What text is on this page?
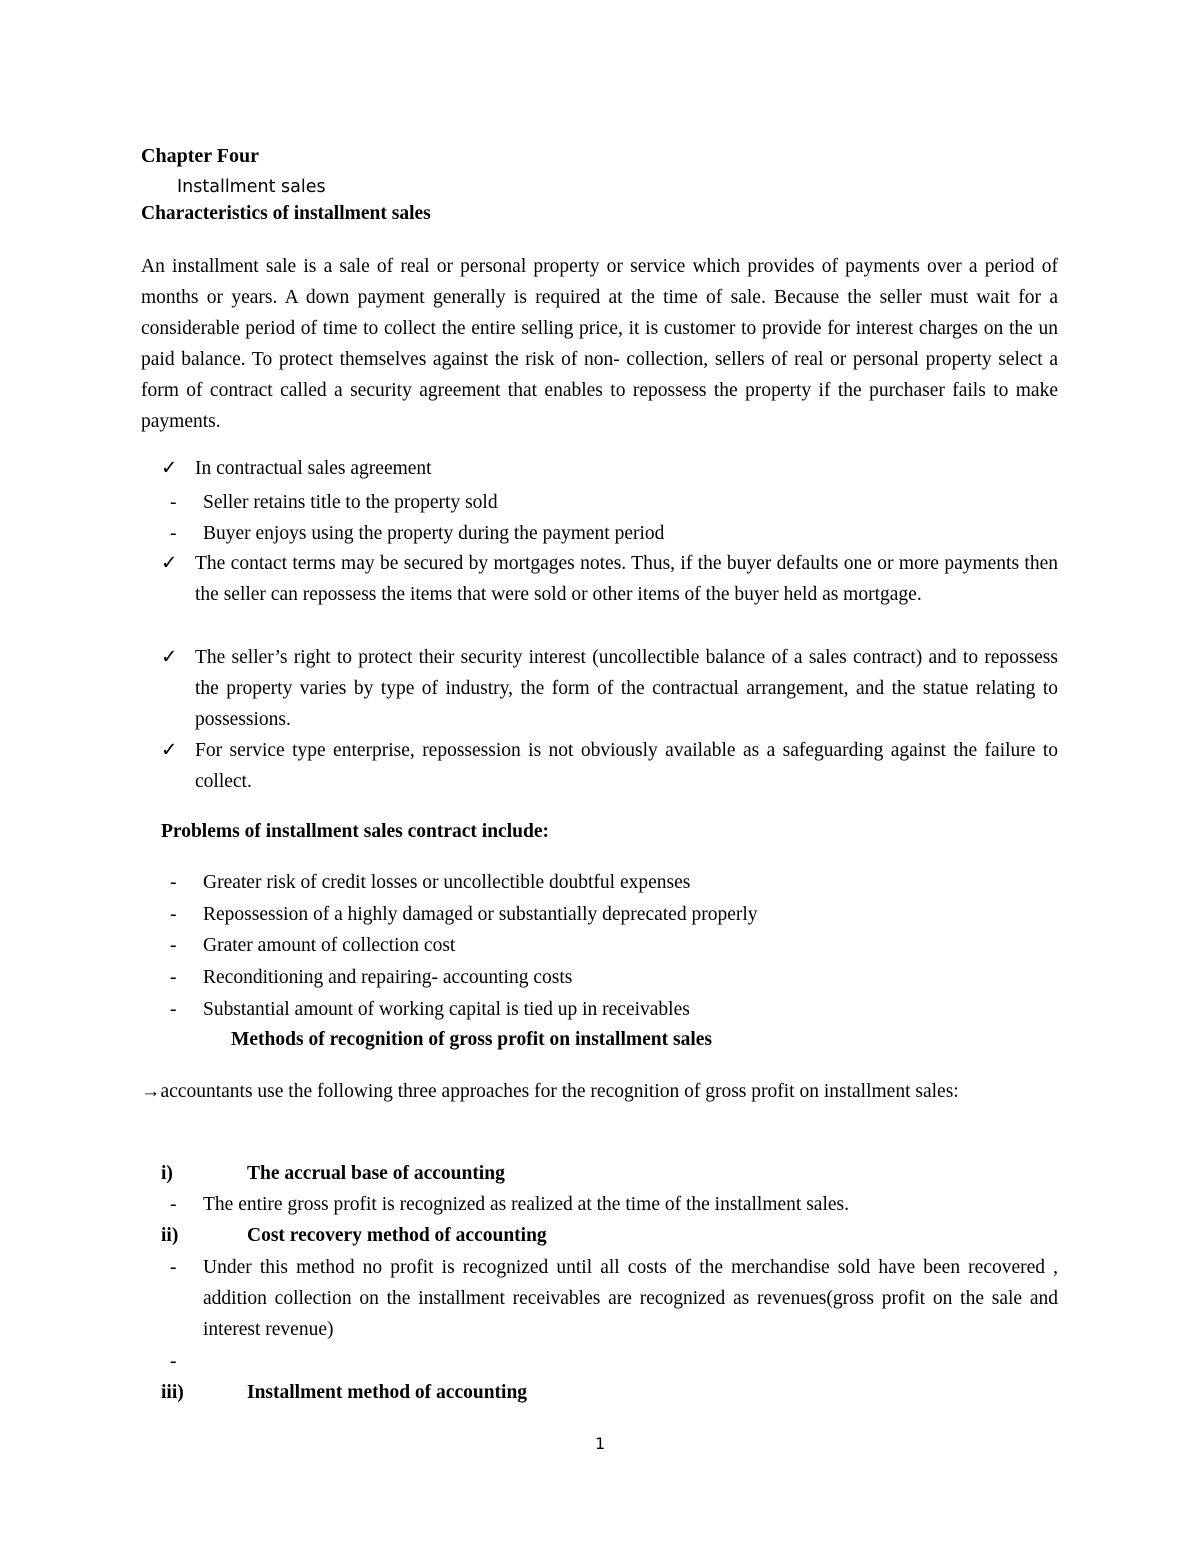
Chapter Four
Installment sales
Characteristics of installment sales
An installment sale is a sale of real or personal property or service which provides of payments over a period of months or years. A down payment generally is required at the time of sale. Because the seller must wait for a considerable period of time to collect the entire selling price, it is customer to provide for interest charges on the un paid balance. To protect themselves against the risk of non- collection, sellers of real or personal property select a form of contract called a security agreement that enables to repossess the property if the purchaser fails to make payments.
✓ In contractual sales agreement
- Seller retains title to the property sold
- Buyer enjoys using the property during the payment period
✓ The contact terms may be secured by mortgages notes. Thus, if the buyer defaults one or more payments then the seller can repossess the items that were sold or other items of the buyer held as mortgage.
✓ The seller’s right to protect their security interest (uncollectible balance of a sales contract) and to repossess the property varies by type of industry, the form of the contractual arrangement, and the statue relating to possessions.
✓ For service type enterprise, repossession is not obviously available as a safeguarding against the failure to collect.
Problems of installment sales contract include:
- Greater risk of credit losses or uncollectible doubtful expenses
- Repossession of a highly damaged or substantially deprecated properly
- Grater amount of collection cost
- Reconditioning and repairing- accounting costs
- Substantial amount of working capital is tied up in receivables
Methods of recognition of gross profit on installment sales
→accountants use the following three approaches for the recognition of gross profit on installment sales:
i)	The accrual base of accounting
- The entire gross profit is recognized as realized at the time of the installment sales.
ii)	Cost recovery method of accounting
- Under this method no profit is recognized until all costs of the merchandise sold have been recovered , addition collection on the installment receivables are recognized as revenues(gross profit on the sale and interest revenue)
-
iii)	Installment method of accounting
1
